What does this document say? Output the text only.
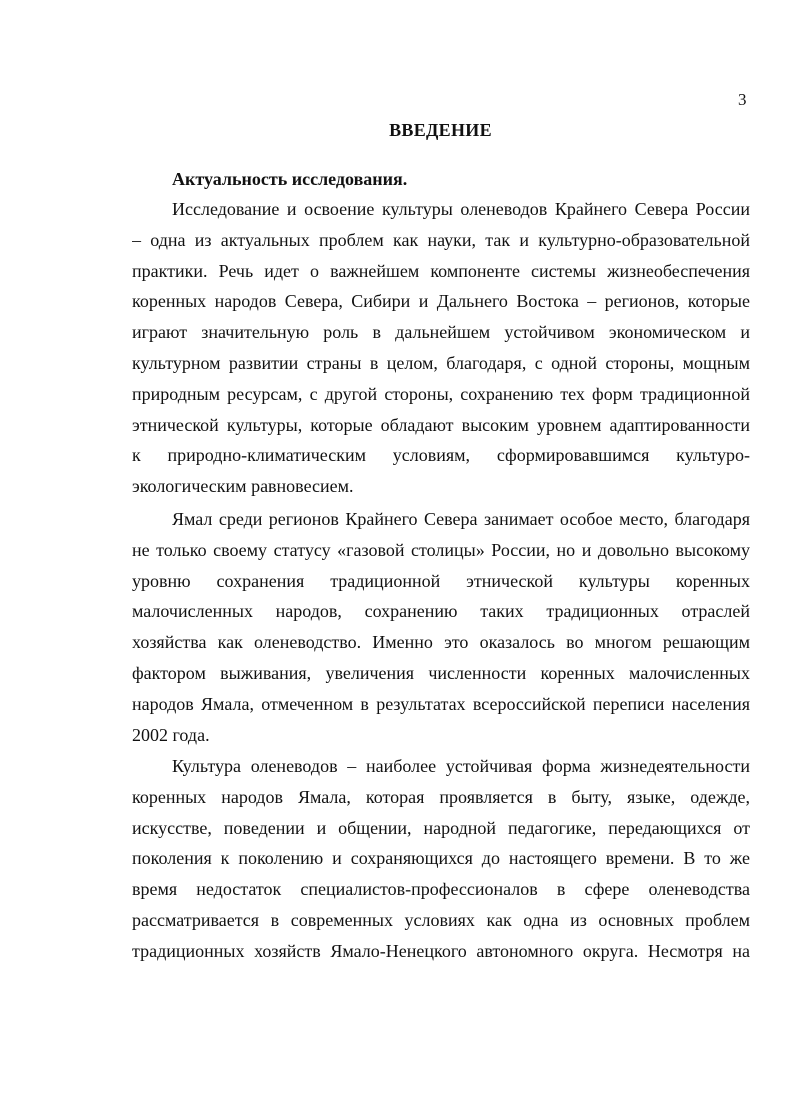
3
ВВЕДЕНИЕ
Актуальность исследования.
Исследование и освоение культуры оленеводов Крайнего Севера России
– одна из актуальных проблем как науки, так и культурно-образовательной
практики. Речь идет о важнейшем компоненте системы жизнеобеспечения
коренных народов Севера, Сибири и Дальнего Востока – регионов, которые
играют значительную роль в дальнейшем устойчивом экономическом и
культурном развитии страны в целом, благодаря, с одной стороны, мощным
природным ресурсам, с другой стороны, сохранению тех форм традиционной
этнической культуры, которые обладают высоким уровнем адаптированности
к природно-климатическим условиям, сформировавшимся культуро-
экологическим равновесием.
Ямал среди регионов Крайнего Севера занимает особое место, благодаря
не только своему статусу «газовой столицы» России, но и довольно высокому
уровню сохранения традиционной этнической культуры коренных
малочисленных народов, сохранению таких традиционных отраслей
хозяйства как оленеводство. Именно это оказалось во многом решающим
фактором выживания, увеличения численности коренных малочисленных
народов Ямала, отмеченном в результатах всероссийской переписи населения
2002 года.
Культура оленеводов – наиболее устойчивая форма жизнедеятельности
коренных народов Ямала, которая проявляется в быту, языке, одежде,
искусстве, поведении и общении, народной педагогике, передающихся от
поколения к поколению и сохраняющихся до настоящего времени. В то же
время недостаток специалистов-профессионалов в сфере оленеводства
рассматривается в современных условиях как одна из основных проблем
традиционных хозяйств Ямало-Ненецкого автономного округа. Несмотря на
